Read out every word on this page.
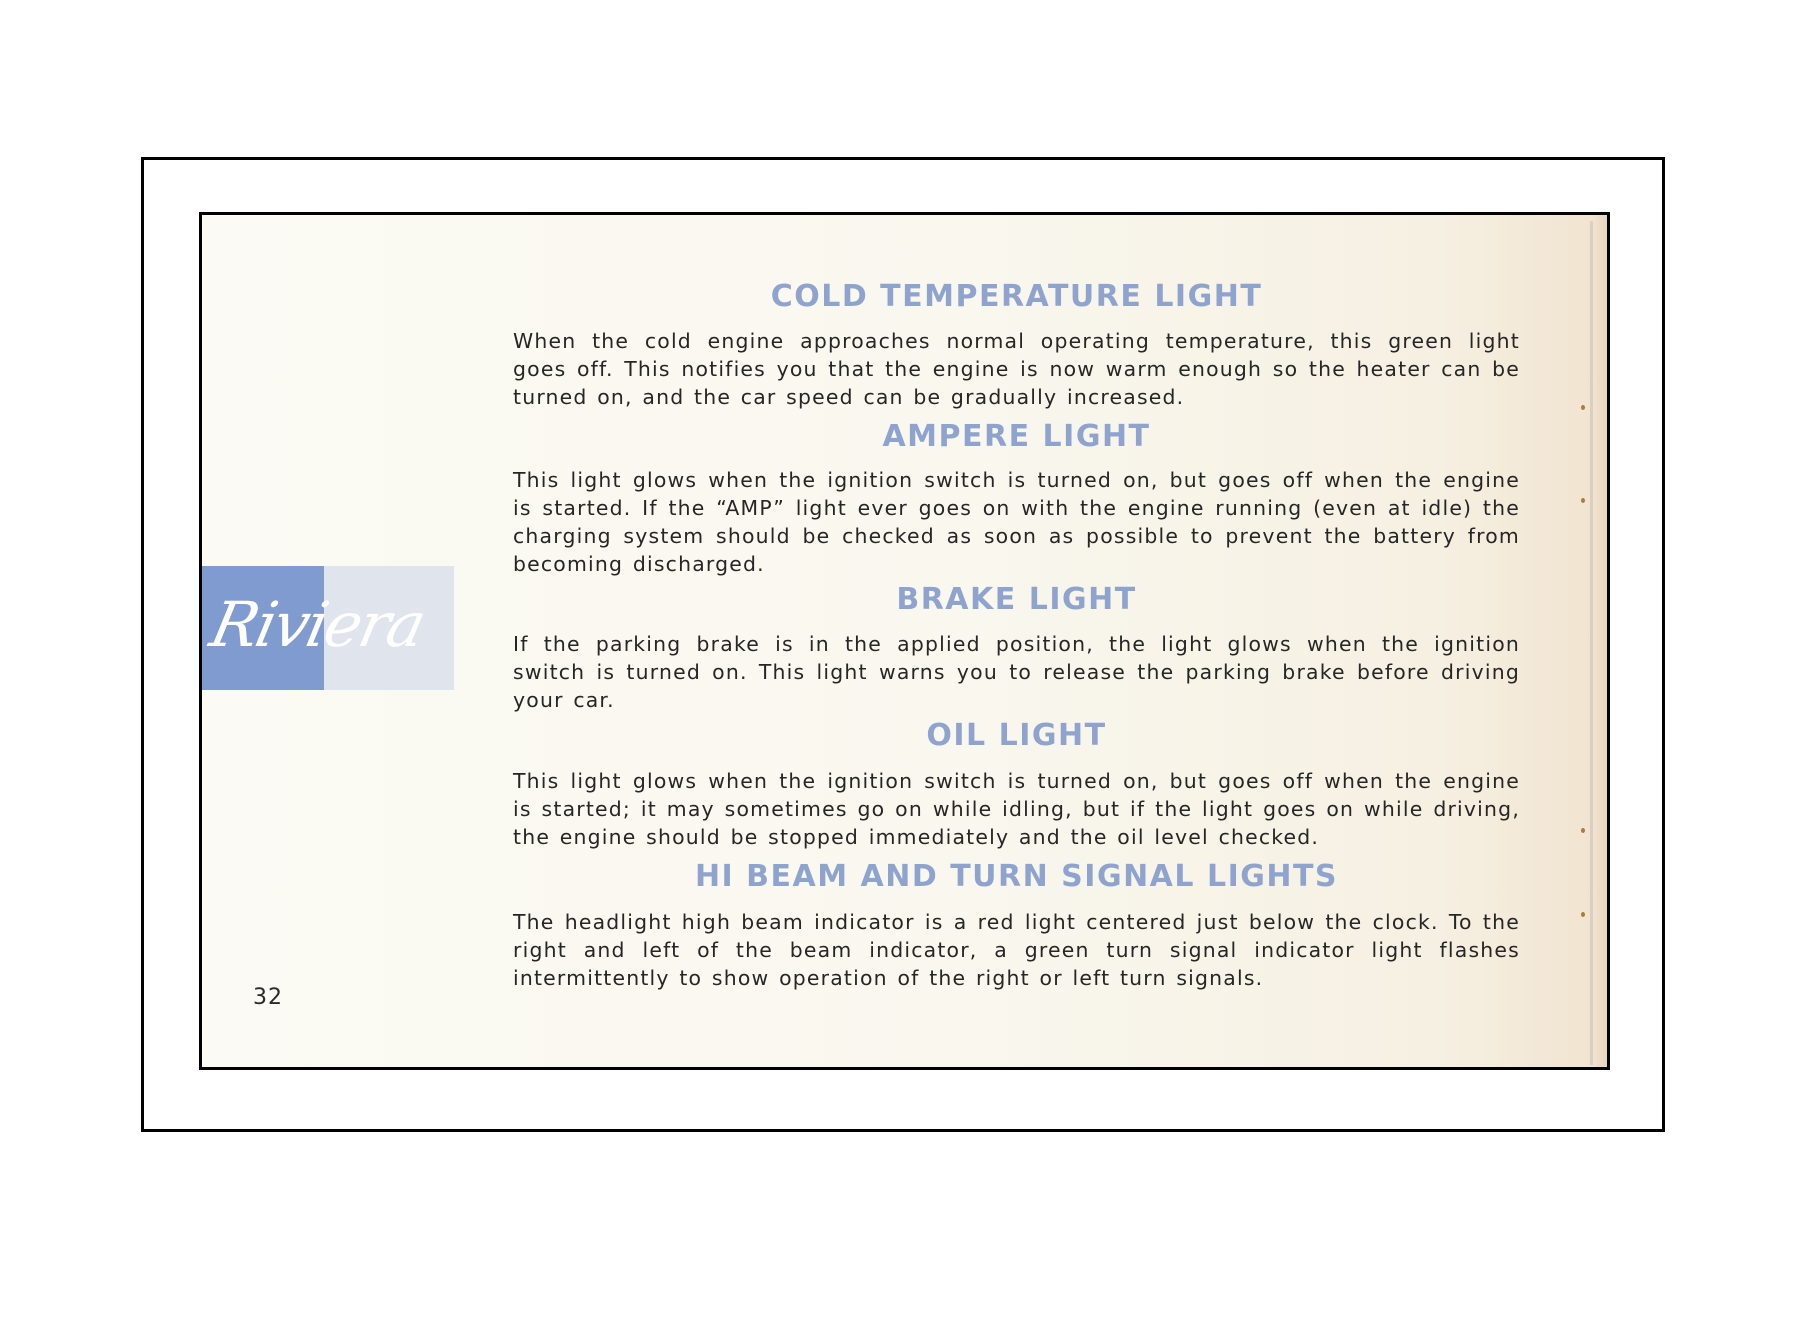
Riviera
32
COLD TEMPERATURE LIGHT

When the cold engine approaches normal operating temperature, this green light goes off. This notifies you that the engine is now warm enough so the heater can be turned on, and the car speed can be gradually increased.

AMPERE LIGHT

This light glows when the ignition switch is turned on, but goes off when the engine is started. If the “AMP” light ever goes on with the engine running (even at idle) the charging system should be checked as soon as possible to prevent the battery from becoming discharged.

BRAKE LIGHT

If the parking brake is in the applied position, the light glows when the ignition switch is turned on. This light warns you to release the parking brake before driving your car.

OIL LIGHT

This light glows when the ignition switch is turned on, but goes off when the engine is started; it may sometimes go on while idling, but if the light goes on while driving, the engine should be stopped immediately and the oil level checked.

HI BEAM AND TURN SIGNAL LIGHTS

The headlight high beam indicator is a red light centered just below the clock. To the right and left of the beam indicator, a green turn signal indicator light flashes intermittently to show operation of the right or left turn signals.
